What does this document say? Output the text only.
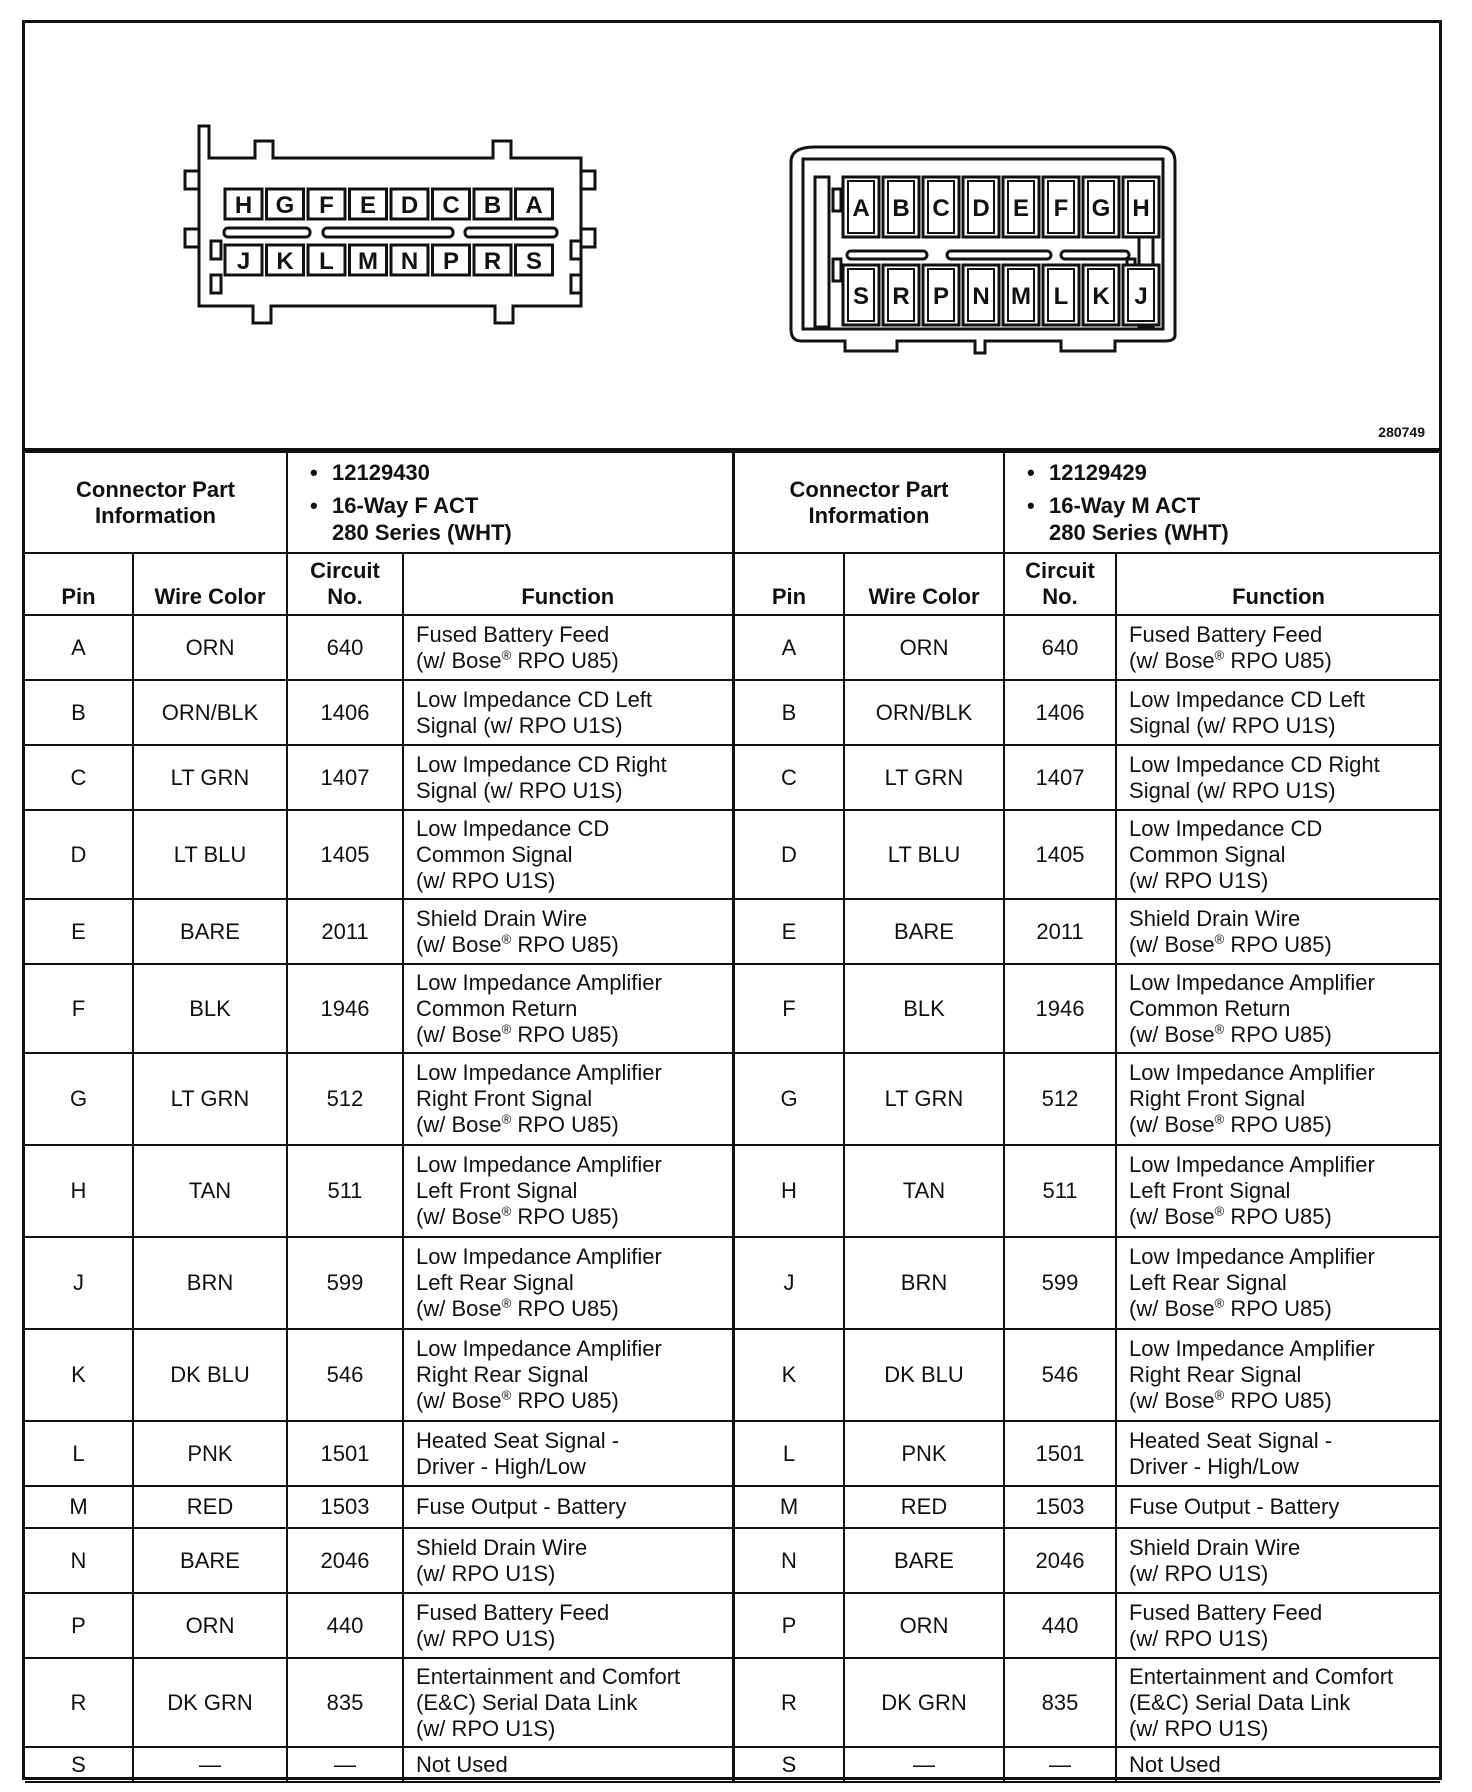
H G F E D C B A
J K L M N P R S
A B C D E F G H
S R P N M L K J
280749
Connector Part
Information		• 12129430
• 16-Way F ACT
280 Series (WHT)

Pin	Wire Color	Circuit
No.	Function
A	ORN	640	Fused Battery Feed
(w/ Bose® RPO U85)

B	ORN/BLK	1406	Low Impedance CD Left
Signal (w/ RPO U1S)

C	LT GRN	1407	Low Impedance CD Right
Signal (w/ RPO U1S)

D	LT BLU	1405	Low Impedance CD
Common Signal
(w/ RPO U1S)

E	BARE	2011	Shield Drain Wire
(w/ Bose® RPO U85)

F	BLK	1946	Low Impedance Amplifier
Common Return
(w/ Bose® RPO U85)

G	LT GRN	512	Low Impedance Amplifier
Right Front Signal
(w/ Bose® RPO U85)

H	TAN	511	Low Impedance Amplifier
Left Front Signal
(w/ Bose® RPO U85)

J	BRN	599	Low Impedance Amplifier
Left Rear Signal
(w/ Bose® RPO U85)

K	DK BLU	546	Low Impedance Amplifier
Right Rear Signal
(w/ Bose® RPO U85)

L	PNK	1501	Heated Seat Signal -
Driver - High/Low

M	RED	1503	Fuse Output - Battery

N	BARE	2046	Shield Drain Wire
(w/ RPO U1S)

P	ORN	440	Fused Battery Feed
(w/ RPO U1S)

R	DK GRN	835	Entertainment and Comfort
(E&C) Serial Data Link
(w/ RPO U1S)

S	—	—	Not Used
Connector Part
Information		• 12129429
• 16-Way M ACT
280 Series (WHT)

Pin	Wire Color	Circuit
No.	Function
A	ORN	640	Fused Battery Feed
(w/ Bose® RPO U85)

B	ORN/BLK	1406	Low Impedance CD Left
Signal (w/ RPO U1S)

C	LT GRN	1407	Low Impedance CD Right
Signal (w/ RPO U1S)

D	LT BLU	1405	Low Impedance CD
Common Signal
(w/ RPO U1S)

E	BARE	2011	Shield Drain Wire
(w/ Bose® RPO U85)

F	BLK	1946	Low Impedance Amplifier
Common Return
(w/ Bose® RPO U85)

G	LT GRN	512	Low Impedance Amplifier
Right Front Signal
(w/ Bose® RPO U85)

H	TAN	511	Low Impedance Amplifier
Left Front Signal
(w/ Bose® RPO U85)

J	BRN	599	Low Impedance Amplifier
Left Rear Signal
(w/ Bose® RPO U85)

K	DK BLU	546	Low Impedance Amplifier
Right Rear Signal
(w/ Bose® RPO U85)

L	PNK	1501	Heated Seat Signal -
Driver - High/Low

M	RED	1503	Fuse Output - Battery

N	BARE	2046	Shield Drain Wire
(w/ RPO U1S)

P	ORN	440	Fused Battery Feed
(w/ RPO U1S)

R	DK GRN	835	Entertainment and Comfort
(E&C) Serial Data Link
(w/ RPO U1S)

S	—	—	Not Used
